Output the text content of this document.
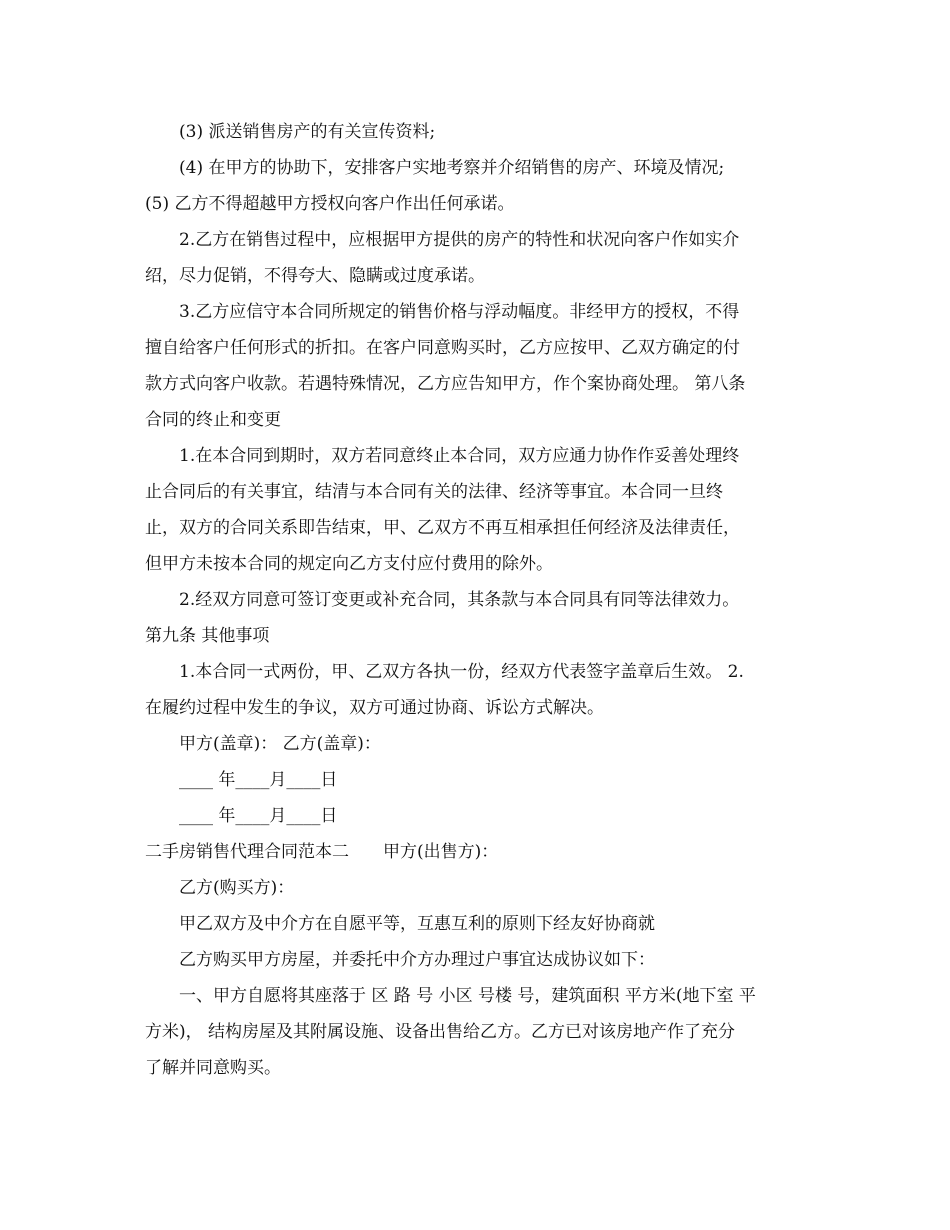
　　(3) 派送销售房产的有关宣传资料;
　　(4) 在甲方的协助下，安排客户实地考察并介绍销售的房产、环境及情况;
(5) 乙方不得超越甲方授权向客户作出任何承诺。
　　2.乙方在销售过程中，应根据甲方提供的房产的特性和状况向客户作如实介
绍，尽力促销，不得夸大、隐瞒或过度承诺。
　　3.乙方应信守本合同所规定的销售价格与浮动幅度。非经甲方的授权，不得
擅自给客户任何形式的折扣。在客户同意购买时，乙方应按甲、乙双方确定的付
款方式向客户收款。若遇特殊情况，乙方应告知甲方，作个案协商处理。 第八条
合同的终止和变更
　　1.在本合同到期时，双方若同意终止本合同，双方应通力协作作妥善处理终
止合同后的有关事宜，结清与本合同有关的法律、经济等事宜。本合同一旦终
止，双方的合同关系即告结束，甲、乙双方不再互相承担任何经济及法律责任，
但甲方未按本合同的规定向乙方支付应付费用的除外。
　　2.经双方同意可签订变更或补充合同，其条款与本合同具有同等法律效力。
第九条 其他事项
　　1.本合同一式两份，甲、乙双方各执一份，经双方代表签字盖章后生效。 2.
在履约过程中发生的争议，双方可通过协商、诉讼方式解决。
　　甲方(盖章)： 乙方(盖章)：
　　____ 年____月____日
　　____ 年____月____日
二手房销售代理合同范本二　　甲方(出售方)：
　　乙方(购买方)：
　　甲乙双方及中介方在自愿平等，互惠互利的原则下经友好协商就
　　乙方购买甲方房屋，并委托中介方办理过户事宜达成协议如下：
　　一、甲方自愿将其座落于 区 路 号 小区 号楼 号，建筑面积 平方米(地下室 平
方米)， 结构房屋及其附属设施、设备出售给乙方。乙方已对该房地产作了充分
了解并同意购买。
